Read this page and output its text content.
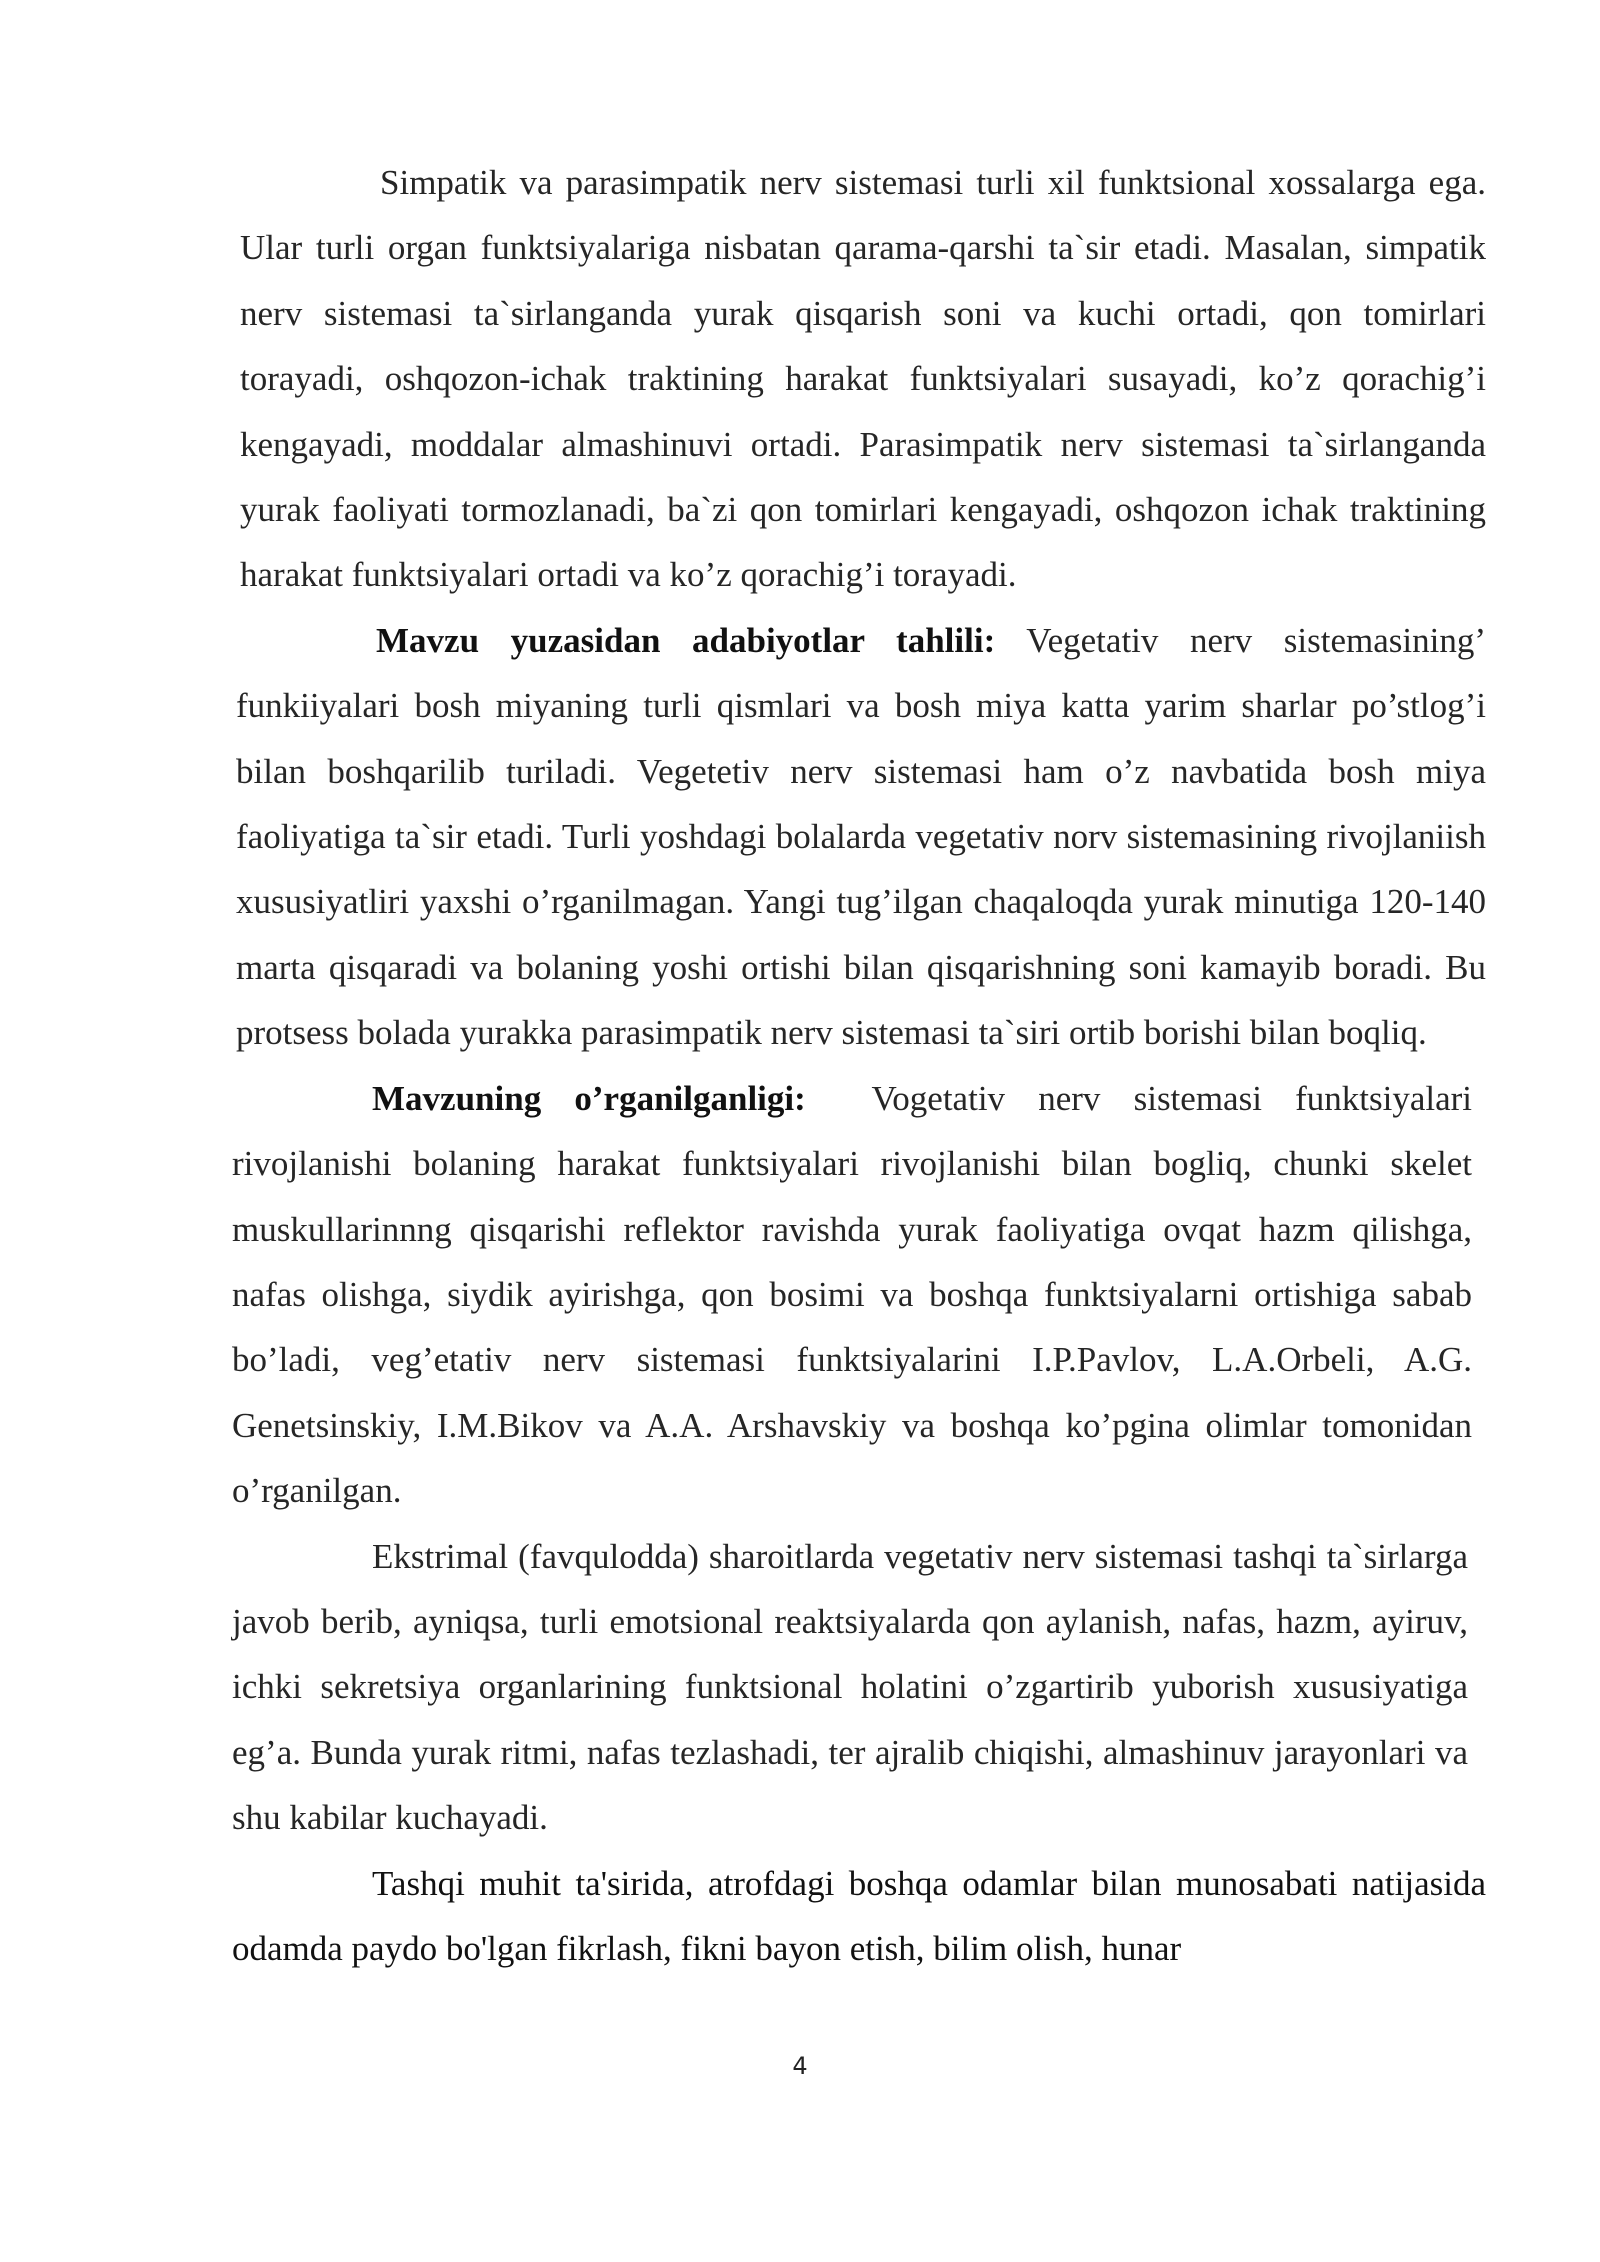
Simpatik va parasimpatik nerv sistemasi turli xil funktsional xossalarga ega. Ular turli organ funktsiyalariga nisbatan qarama-qarshi ta`sir etadi. Masalan, simpatik nerv sistemasi ta`sirlanganda yurak qisqarish soni va kuchi ortadi, qon tomirlari torayadi, oshqozon-ichak traktining harakat funktsiyalari susayadi, ko’z qorachig’i kengayadi, moddalar almashinuvi ortadi. Parasimpatik nerv sistemasi ta`sirlanganda yurak faoliyati tormozlanadi, ba`zi qon tomirlari kengayadi, oshqozon ichak traktining harakat funktsiyalari ortadi va ko’z qorachig’i torayadi.

Mavzu yuzasidan adabiyotlar tahlili: Vegetativ nerv sistemasining’ funkiiyalari bosh miyaning turli qismlari va bosh miya katta yarim sharlar po’stlog’i bilan boshqarilib turiladi. Vegetetiv nerv sistemasi ham o’z navbatida bosh miya faoliyatiga ta`sir etadi. Turli yoshdagi bolalarda vegetativ norv sistemasining rivojlaniish xususiyatliri yaxshi o’rganilmagan. Yangi tug’ilgan chaqaloqda yurak minutiga 120-140 marta qisqaradi va bolaning yoshi ortishi bilan qisqarishning soni kamayib boradi. Bu protsess bolada yurakka parasimpatik nerv sistemasi ta`siri ortib borishi bilan boqliq.

Mavzuning o’rganilganligi: Vogetativ nerv sistemasi funktsiyalari rivojlanishi bolaning harakat funktsiyalari rivojlanishi bilan bogliq, chunki skelet muskullarinnng qisqarishi reflektor ravishda yurak faoliyatiga ovqat hazm qilishga, nafas olishga, siydik ayirishga, qon bosimi va boshqa funktsiyalarni ortishiga sabab bo’ladi, veg’etativ nerv sistemasi funktsiyalarini I.P.Pavlov, L.A.Orbeli, A.G. Genetsinskiy, I.M.Bikov va A.A. Arshavskiy va boshqa ko’pgina olimlar tomonidan o’rganilgan.

Ekstrimal (favqulodda) sharoitlarda vegetativ nerv sistemasi tashqi ta`sirlarga javob berib, ayniqsa, turli emotsional reaktsiyalarda qon aylanish, nafas, hazm, ayiruv, ichki sekretsiya organlarining funktsional holatini o’zgartirib yuborish xususiyatiga eg’a. Bunda yurak ritmi, nafas tezlashadi, ter ajralib chiqishi, almashinuv jarayonlari va shu kabilar kuchayadi.

Tashqi muhit ta'sirida, atrofdagi boshqa odamlar bilan munosabati natijasida odamda paydo bo'lgan fikrlash, fikni bayon etish, bilim olish, hunar

4
